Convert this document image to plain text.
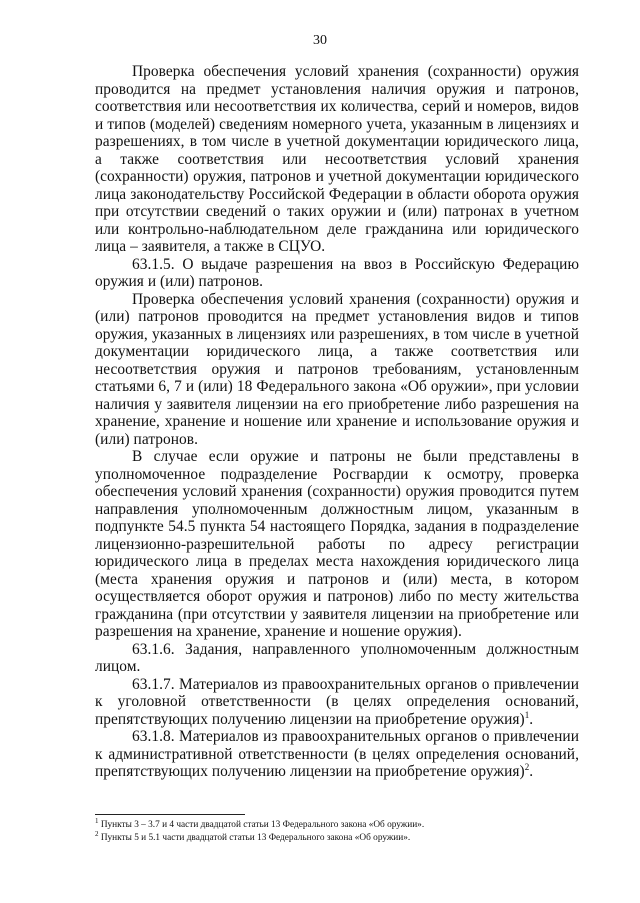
30

Проверка обеспечения условий хранения (сохранности) оружия проводится на предмет установления наличия оружия и патронов, соответствия или несоответствия их количества, серий и номеров, видов и типов (моделей) сведениям номерного учета, указанным в лицензиях и разрешениях, в том числе в учетной документации юридического лица, а также соответствия или несоответствия условий хранения (сохранности) оружия, патронов и учетной документации юридического лица законодательству Российской Федерации в области оборота оружия при отсутствии сведений о таких оружии и (или) патронах в учетном или контрольно-наблюдательном деле гражданина или юридического лица – заявителя, а также в СЦУО.

63.1.5. О выдаче разрешения на ввоз в Российскую Федерацию оружия и (или) патронов.

Проверка обеспечения условий хранения (сохранности) оружия и (или) патронов проводится на предмет установления видов и типов оружия, указанных в лицензиях или разрешениях, в том числе в учетной документации юридического лица, а также соответствия или несоответствия оружия и патронов требованиям, установленным статьями 6, 7 и (или) 18 Федерального закона «Об оружии», при условии наличия у заявителя лицензии на его приобретение либо разрешения на хранение, хранение и ношение или хранение и использование оружия и (или) патронов.

В случае если оружие и патроны не были представлены в уполномоченное подразделение Росгвардии к осмотру, проверка обеспечения условий хранения (сохранности) оружия проводится путем направления уполномоченным должностным лицом, указанным в подпункте 54.5 пункта 54 настоящего Порядка, задания в подразделение лицензионно-разрешительной работы по адресу регистрации юридического лица в пределах места нахождения юридического лица (места хранения оружия и патронов и (или) места, в котором осуществляется оборот оружия и патронов) либо по месту жительства гражданина (при отсутствии у заявителя лицензии на приобретение или разрешения на хранение, хранение и ношение оружия).

63.1.6. Задания, направленного уполномоченным должностным лицом.

63.1.7. Материалов из правоохранительных органов о привлечении к уголовной ответственности (в целях определения оснований, препятствующих получению лицензии на приобретение оружия)$^1$.

63.1.8. Материалов из правоохранительных органов о привлечении к административной ответственности (в целях определения оснований, препятствующих получению лицензии на приобретение оружия)$^2$.

$^1$ Пункты 3 – 3.7 и 4 части двадцатой статьи 13 Федерального закона «Об оружии».

$^2$ Пункты 5 и 5.1 части двадцатой статьи 13 Федерального закона «Об оружии».
